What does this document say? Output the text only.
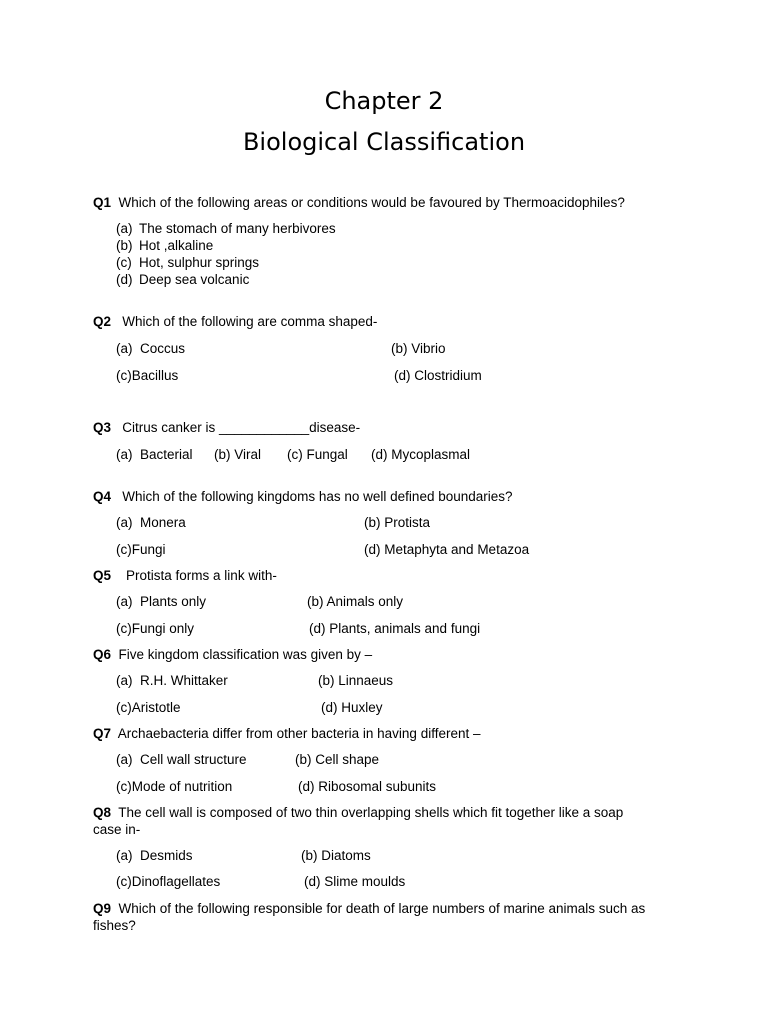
Chapter 2
Biological Classification
Q1 Which of the following areas or conditions would be favoured by Thermoacidophiles?
(a) The stomach of many herbivores
(b) Hot ,alkaline
(c) Hot, sulphur springs
(d) Deep sea volcanic
Q2 Which of the following are comma shaped-
(a)  Coccus	(b) Vibrio
(c)Bacillus	(d) Clostridium
Q3 Citrus canker is ____________disease-
(a)  Bacterial (b) Viral (c) Fungal (d) Mycoplasmal
Q4 Which of the following kingdoms has no well defined boundaries?
(a)  Monera	(b) Protista
(c)Fungi	(d) Metaphyta and Metazoa
Q5 Protista forms a link with-
(a)  Plants only	(b) Animals only
(c)Fungi only	(d) Plants, animals and fungi
Q6 Five kingdom classification was given by –
(a)  R.H. Whittaker	(b) Linnaeus
(c)Aristotle	(d) Huxley
Q7 Archaebacteria differ from other bacteria in having different –
(a)  Cell wall structure	(b) Cell shape
(c)Mode of nutrition	(d) Ribosomal subunits
Q8 The cell wall is composed of two thin overlapping shells which fit together like a soap
case in-
(a)  Desmids	(b) Diatoms
(c)Dinoflagellates	(d) Slime moulds
Q9 Which of the following responsible for death of large numbers of marine animals such as
fishes?
